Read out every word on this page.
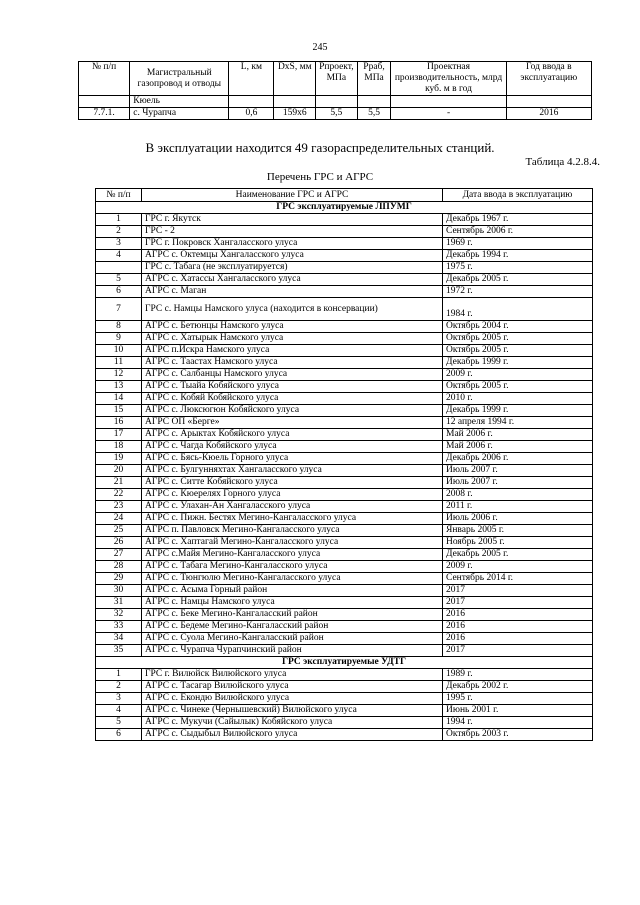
245
№ п/п	Магистральный газопровод и отводы	L, км	DxS, мм	Pпроект, МПа	Pраб, МПа	Проектная производительность, млрд куб. м в год	Год ввода в эксплуатацию
	Кюель						
7.7.1.	с. Чурапча	0,6	159х6	5,5	5,5	-	2016
В эксплуатации находится 49 газораспределительных станций.
Таблица 4.2.8.4.
Перечень ГРС и АГРС
№ п/п	Наименование ГРС и АГРС	Дата ввода в эксплуатацию
ГРС эксплуатируемые ЛПУМГ		
1	ГРС г. Якутск	Декабрь 1967 г.
2	ГРС - 2	Сентябрь 2006 г.
3	ГРС г. Покровск Хангаласского улуса	1969 г.
4	АГРС с. Октемцы Хангаласского улуса	Декабрь 1994 г.
	ГРС с. Табага (не эксплуатируется)	1975 г.
5	АГРС с. Хатассы Хангаласского улуса	Декабрь 2005 г.
6	АГРС с. Маган	1972 г.
7	ГРС с. Намцы Намского улуса (находится в консервации)	1984 г.
8	АГРС с. Бетюнцы Намского улуса	Октябрь 2004 г.
9	АГРС с. Хатырык Намского улуса	Октябрь 2005 г.
10	АГРС п.Искра Намского улуса	Октябрь 2005 г.
11	АГРС с. Таастах Намского улуса	Декабрь 1999 г.
12	АГРС с. Салбанцы Намского улуса	2009 г.
13	АГРС с. Тыайа Кобяйского улуса	Октябрь 2005 г.
14	АГРС с. Кобяй Кобяйского улуса	2010 г.
15	АГРС с. Люксюгюн Кобяйского улуса	Декабрь 1999 г.
16	АГРС ОП «Берге»	12 апреля 1994 г.
17	АГРС с. Арыктах Кобяйского улуса	Май 2006 г.
18	АГРС с. Чагда Кобяйского улуса	Май 2006 г.
19	АГРС с. Бясь-Кюель Горного улуса	Декабрь 2006 г.
20	АГРС с. Булгунняхтах Хангаласского улуса	Июль 2007 г.
21	АГРС с. Ситте Кобяйского улуса	Июль 2007 г.
22	АГРС с. Кюерелях Горного улуса	2008 г.
23	АГРС с. Улахан-Ан Хангаласского улуса	2011 г.
24	АГРС с. Пижн. Бестях Мегино-Кангаласского улуса	Июль 2006 г.
25	АГРС п. Павловск Мегино-Кангаласского улуса	Январь 2005 г.
26	АГРС с. Хаптагай Мегино-Кангаласского улуса	Ноябрь 2005 г.
27	АГРС с.Майя Мегино-Кангаласского улуса	Декабрь 2005 г.
28	АГРС с. Табага Мегино-Кангаласского улуса	2009 г.
29	АГРС с. Тюнгюлю Мегино-Кангаласского улуса	Сентябрь 2014 г.
30	АГРС с. Асыма Горный район	2017
31	АГРС с. Намцы Намского улуса	2017
32	АГРС с. Беке Мегино-Кангаласский район	2016
33	АГРС с. Бедеме Мегино-Кангаласский район	2016
34	АГРС с. Суола Мегино-Кангаласский район	2016
35	АГРС с. Чурапча Чурапчинский район	2017
ГРС эксплуатируемые УДТГ		
1	ГРС г. Вилюйск Вилюйского улуса	1989 г.
2	АГРС с. Тасагар Вилюйского улуса	Декабрь 2002 г.
3	АГРС с. Екондю Вилюйского улуса	1995 г.
4	АГРС с. Чинеке (Чернышевский) Вилюйского улуса	Июнь 2001 г.
5	АГРС с. Мукучи (Сайылык) Кобяйского улуса	1994 г.
6	АГРС с. Сыдыбыл Вилюйского улуса	Октябрь 2003 г.
